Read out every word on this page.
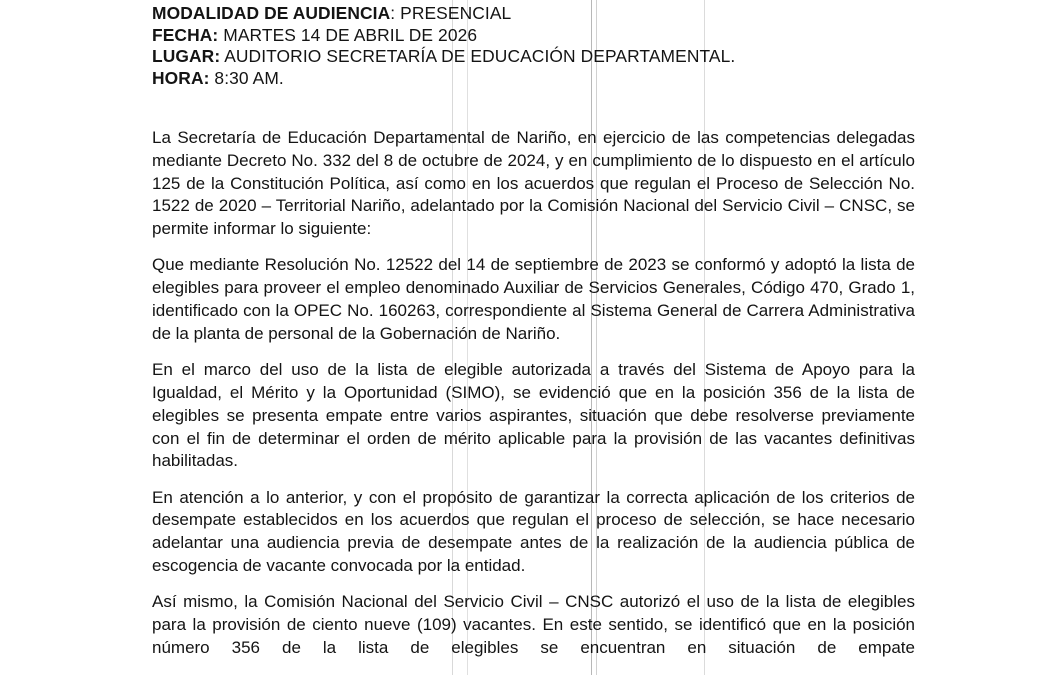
MODALIDAD DE AUDIENCIA: PRESENCIAL
FECHA: MARTES 14 DE ABRIL DE 2026
LUGAR: AUDITORIO SECRETARÍA DE EDUCACIÓN DEPARTAMENTAL.
HORA: 8:30 AM.

La Secretaría de Educación Departamental de Nariño, en ejercicio de las competencias delegadas mediante Decreto No. 332 del 8 de octubre de 2024, y en cumplimiento de lo dispuesto en el artículo 125 de la Constitución Política, así como en los acuerdos que regulan el Proceso de Selección No. 1522 de 2020 – Territorial Nariño, adelantado por la Comisión Nacional del Servicio Civil – CNSC, se permite informar lo siguiente:

Que mediante Resolución No. 12522 del 14 de septiembre de 2023 se conformó y adoptó la lista de elegibles para proveer el empleo denominado Auxiliar de Servicios Generales, Código 470, Grado 1, identificado con la OPEC No. 160263, correspondiente al Sistema General de Carrera Administrativa de la planta de personal de la Gobernación de Nariño.

En el marco del uso de la lista de elegible autorizada a través del Sistema de Apoyo para la Igualdad, el Mérito y la Oportunidad (SIMO), se evidenció que en la posición 356 de la lista de elegibles se presenta empate entre varios aspirantes, situación que debe resolverse previamente con el fin de determinar el orden de mérito aplicable para la provisión de las vacantes definitivas habilitadas.

En atención a lo anterior, y con el propósito de garantizar la correcta aplicación de los criterios de desempate establecidos en los acuerdos que regulan el proceso de selección, se hace necesario adelantar una audiencia previa de desempate antes de la realización de la audiencia pública de escogencia de vacante convocada por la entidad.

Así mismo, la Comisión Nacional del Servicio Civil – CNSC autorizó el uso de la lista de elegibles para la provisión de ciento nueve (109) vacantes. En este sentido, se identificó que en la posición número 356 de la lista de elegibles se encuentran en situación de empate
